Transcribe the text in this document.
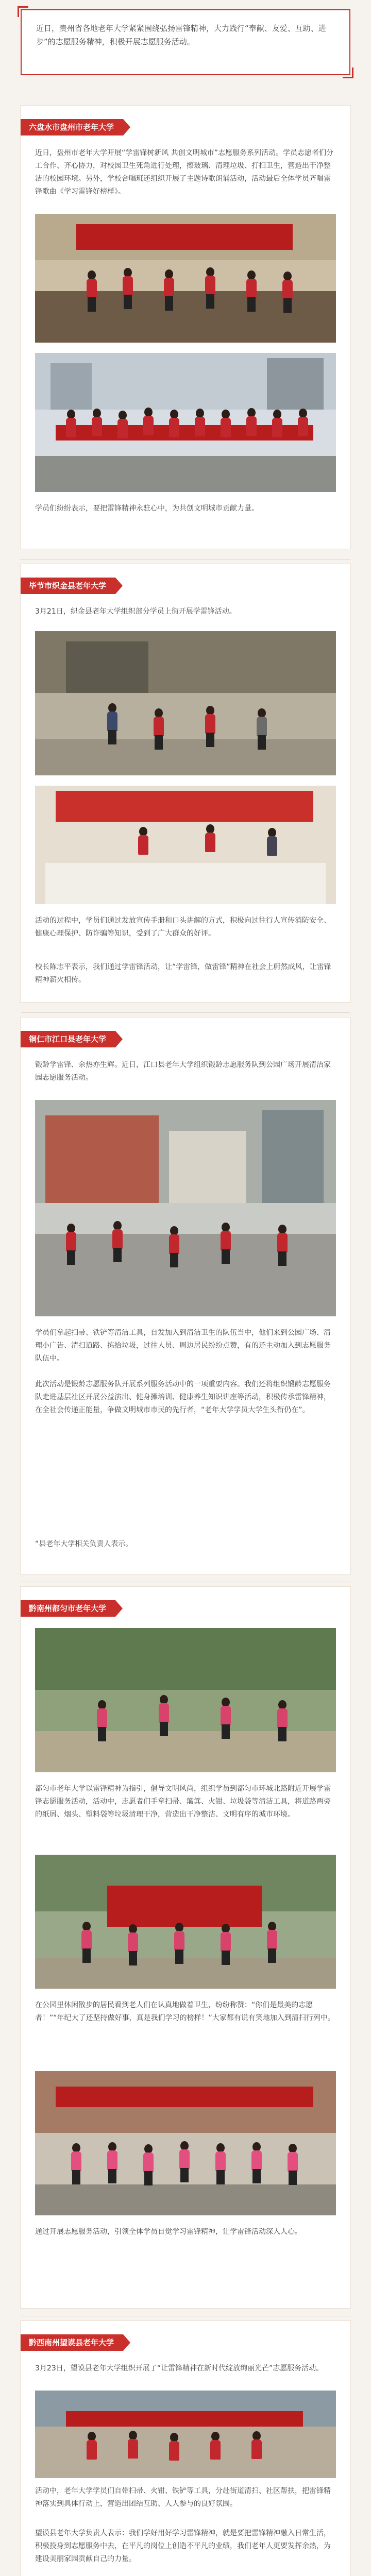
近日，贵州省各地老年大学紧紧围绕弘扬雷锋精神，大力践行“奉献、友爱、互助、进步”的志愿服务精神，积极开展志愿服务活动。
六盘水市盘州市老年大学
近日，盘州市老年大学开展“学雷锋树新风 共创文明城市”志愿服务系列活动。学员志愿者们分工合作、齐心协力，对校园卫生死角进行处理，擦玻璃、清理垃圾、打扫卫生，营造出干净整洁的校园环境。另外，学校合唱班还组织开展了主题诗歌朗诵活动，活动最后全体学员齐唱雷锋歌曲《学习雷锋好榜样》。
学员们纷纷表示，要把雷锋精神永驻心中，为共创文明城市贡献力量。
毕节市织金县老年大学
3月21日，织金县老年大学组织部分学员上街开展学雷锋活动。
活动的过程中，学员们通过发放宣传手册和口头讲解的方式，积极向过往行人宣传消防安全、健康心理保护、防诈骗等知识，受到了广大群众的好评。
校长陈志平表示，我们通过学雷锋活动，让“学雷锋，做雷锋”精神在社会上蔚然成风，让雷锋精神薪火相传。
铜仁市江口县老年大学
锻龄学雷锋、余热亦生辉。近日，江口县老年大学组织锻龄志愿服务队到公园广场开展清洁家园志愿服务活动。
学员们拿起扫帚、铁铲等清洁工具，自发加入到清洁卫生的队伍当中，他们来到公园广场、清理小广告、清扫道路、拣拾垃圾，过往人员、周边居民纷纷点赞，有的还主动加入到志愿服务队伍中。
此次活动是锻龄志愿服务队开展系列服务活动中的一项重要内容。我们还将组织锻龄志愿服务队走进基层社区开展公益演出、健身操培训、健康养生知识讲座等活动，积极传承雷锋精神，在全社会传递正能量，争做文明城市市民的先行者，“老年大学学员大学生头衔仍在”。
“县老年大学相关负责人表示。
黔南州都匀市老年大学
都匀市老年大学以雷锋精神为指引，倡导文明风尚，组织学员到都匀市环城北路附近开展学雷锋志愿服务活动，活动中，志愿者们手拿扫帚、簸箕、火钳、垃圾袋等清洁工具，将道路两旁的纸屑、烟头、塑料袋等垃圾清理干净，营造出干净整洁、文明有序的城市环境。
在公园里休闲散步的居民看到老人们在认真地做着卫生，纷纷称赞：“你们是最美的志愿者！”“年纪大了还坚持做好事，真是我们学习的榜样！”大家都有说有笑地加入到清扫行列中。
通过开展志愿服务活动，引领全体学员自觉学习雷锋精神，让学雷锋活动深入人心。
黔西南州望谟县老年大学
3月23日，望谟县老年大学组织开展了“让雷锋精神在新时代绽放绚丽光芒”志愿服务活动。
活动中，老年大学学员们自带扫帚、火钳、铁铲等工具，分赴街道清扫、社区帮扶，把雷锋精神落实到具体行动上，营造出团结互助、人人参与的良好氛围。
望谟县老年大学负责人表示：我们学好用好学习雷锋精神，就是要把雷锋精神融入日常生活，积极投身到志愿服务中去，在平凡的岗位上创造不平凡的业绩，我们老年人更要发挥余热，为建设美丽家园贡献自己的力量。
